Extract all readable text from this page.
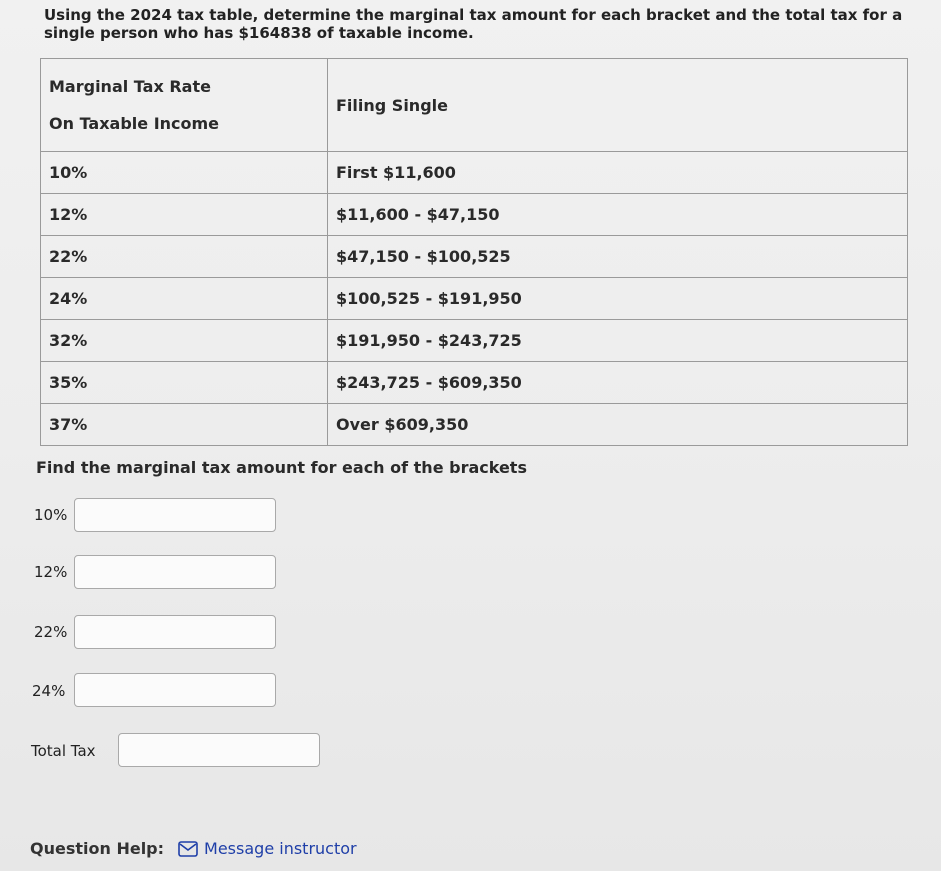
Using the 2024 tax table, determine the marginal tax amount for each bracket and the total tax for a single person who has $164838 of taxable income.
Marginal Tax Rate
On Taxable Income	Filing Single
10%	First $11,600
12%	$11,600 - $47,150
22%	$47,150 - $100,525
24%	$100,525 - $191,950
32%	$191,950 - $243,725
35%	$243,725 - $609,350
37%	Over $609,350
Find the marginal tax amount for each of the brackets
10%
12%
22%
24%
Total Tax
Question Help:	Message instructor
